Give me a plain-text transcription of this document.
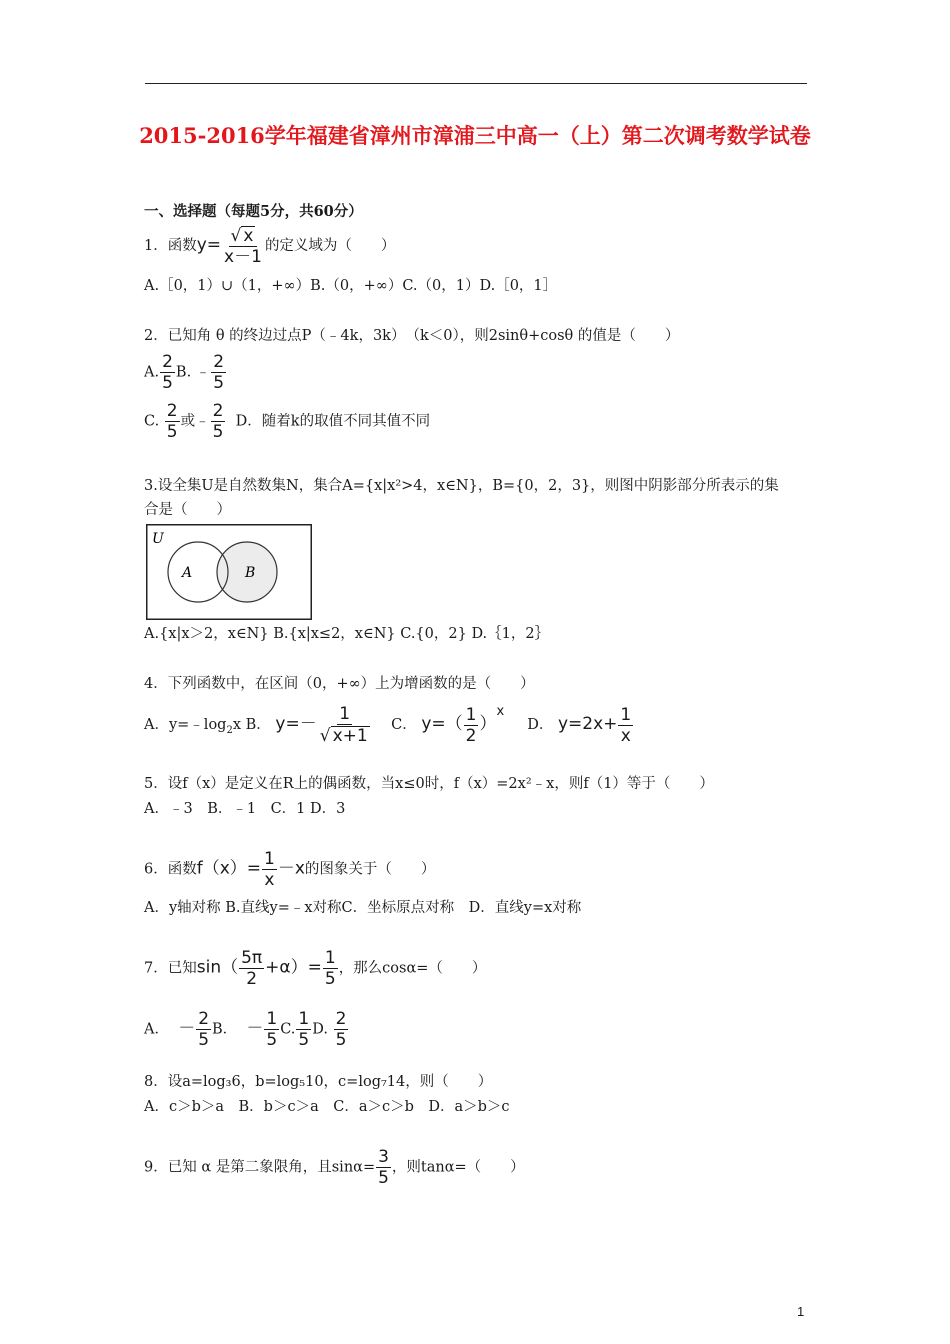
2015-2016学年福建省漳州市漳浦三中高一（上）第二次调考数学试卷
一、选择题（每题5分，共60分）
1．函数$y= \frac{√ x}{x-1}$ 的定义域为（　　）
A.［0，1）∪（1，+∞）B.（0，+∞）C.（0，1）D.［0，1］
2．已知角 θ 的终边过点P（﹣4k，3k）　（k＜0），则2sinθ+cosθ 的值是（　　）
A. $\frac{2}{5} B$. ﹣ $\frac{2}{5}$
C. $\frac{2}{5}$ 或﹣ $\frac{2}{5}$ D．随着k的取值不同其值不同
3.设全集U是自然数集N，集合A={x|x²>4，x∈N}，B={0，2，3}，则图中阴影部分所表示的集
合是（　　）
U
A	B
A.{x|x＞2，x∈N} B.{x|x≤2，x∈N} C.{0，2} D.｛1，2｝
4．下列函数中，在区间（0，+∞）上为增函数的是（　　）
A．$y=﹣\log_2x$ B． $y=- \frac{1}{√ x+1}$ C． $y=( \frac{1}{2} )^x$     D． $y=2x+ \frac{1}{x}$
5．设f（x）是定义在R上的偶函数，当x≤0时，f（x）=2x²﹣x，则f（1）等于（　　）
A．﹣3　B．﹣1　C．1 D．3
6．函数$f(x)= \frac{1}{x} -x$的图象关于（　　）
A．y轴对称 B.直线y=﹣x对称C．坐标原点对称　D．直线y=x对称
7．已知$\sin( \frac{5\pi}{2} +\alpha)= \frac{1}{5}$ ，那么cosα=（　　）
A． － $\frac{2}{5}$ B． － $\frac{1}{5} C$. $\frac{1}{5} D$. $\frac{2}{5}$
8．设a=log₃6，b=log₅10，c=log₇14，则（　　）
A．c＞b＞a　B．b＞c＞a　C．a＞c＞b　D．a＞b＞c
9．已知 α 是第二象限角，且$\sin\alpha= \frac{3}{5}$ ，则tanα=（　　）
1
